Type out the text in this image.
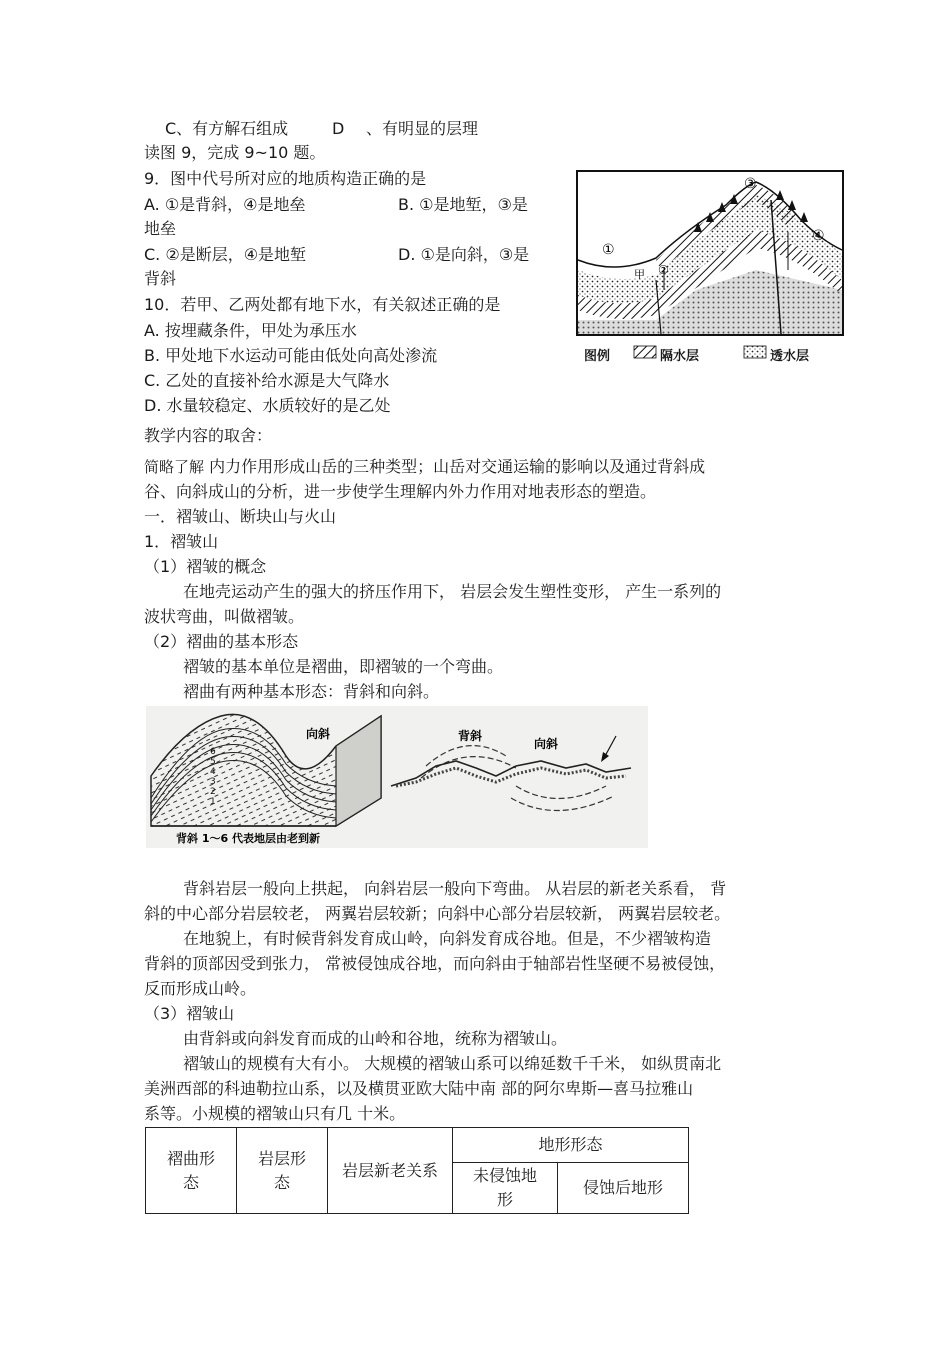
C、有方解石组成	D 、有明显的层理
读图 9，完成 9~10 题。
9．图中代号所对应的地质构造正确的是
A. ①是背斜，④是地垒	B. ①是地堑，③是
地垒
C. ②是断层，④是地堑	D. ①是向斜，③是
背斜
10．若甲、乙两处都有地下水，有关叙述正确的是
A. 按埋藏条件，甲处为承压水
B. 甲处地下水运动可能由低处向高处渗流
C. 乙处的直接补给水源是大气降水
D. 水量较稳定、水质较好的是乙处
①
②
③
④
甲
图例	隔水层	透水层
教学内容的取舍：
简略了解 内力作用形成山岳的三种类型；山岳对交通运输的影响以及通过背斜成
谷、向斜成山的分析，进一步使学生理解内外力作用对地表形态的塑造。
一．褶皱山、断块山与火山
1．褶皱山
（1）褶皱的概念
在地壳运动产生的强大的挤压作用下， 岩层会发生塑性变形， 产生一系列的
波状弯曲，叫做褶皱。
（2）褶曲的基本形态
褶皱的基本单位是褶曲，即褶皱的一个弯曲。
褶曲有两种基本形态：背斜和向斜。
向斜
6
5
4
3
2
1
背斜 1～6 代表地层由老到新
背斜
向斜
背斜岩层一般向上拱起， 向斜岩层一般向下弯曲。 从岩层的新老关系看， 背
斜的中心部分岩层较老， 两翼岩层较新；向斜中心部分岩层较新， 两翼岩层较老。
在地貌上，有时候背斜发育成山岭，向斜发育成谷地。但是，不少褶皱构造
背斜的顶部因受到张力， 常被侵蚀成谷地，而向斜由于轴部岩性坚硬不易被侵蚀，
反而形成山岭。
（3）褶皱山
由背斜或向斜发育而成的山岭和谷地，统称为褶皱山。
褶皱山的规模有大有小。 大规模的褶皱山系可以绵延数千千米， 如纵贯南北
美洲西部的科迪勒拉山系，以及横贯亚欧大陆中南 部的阿尔卑斯—喜马拉雅山
系等。小规模的褶皱山只有几 十米。
褶曲形态	岩层形态	岩层新老关系	地形形态	

			未侵蚀地形	侵蚀后地形
